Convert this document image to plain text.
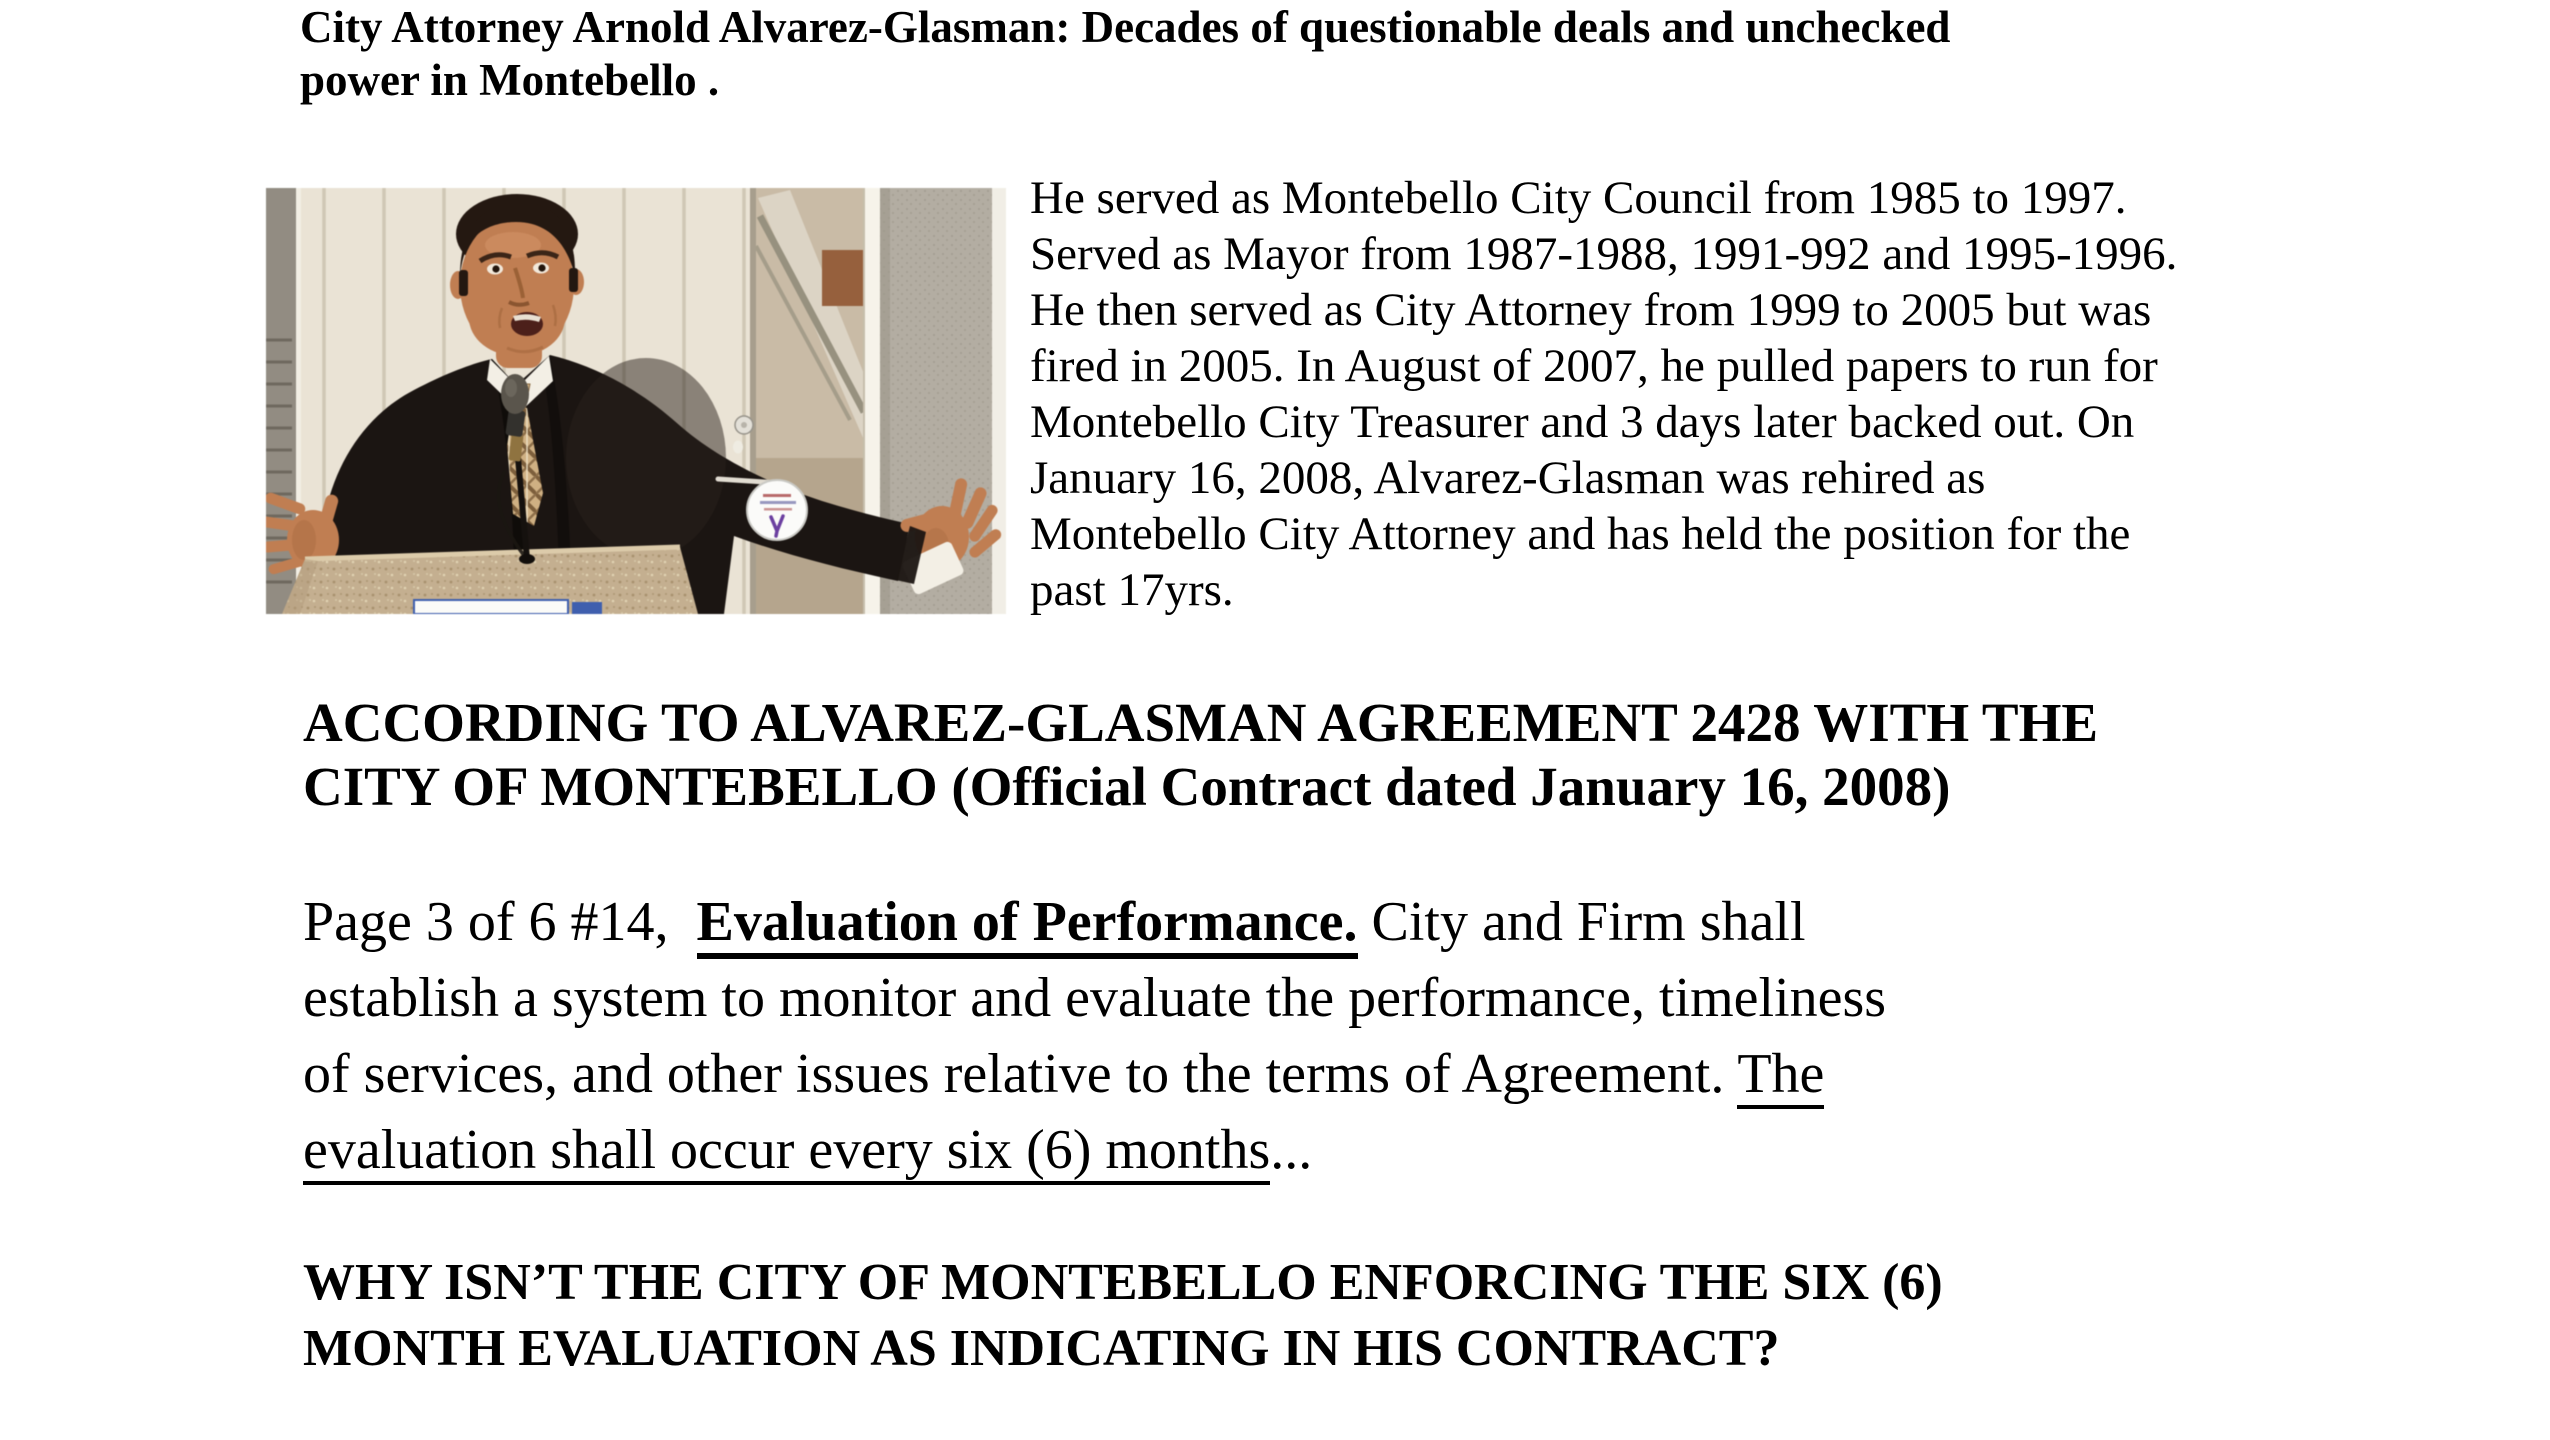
City Attorney Arnold Alvarez-Glasman: Decades of questionable deals and unchecked
power in Montebello .
He served as Montebello City Council from 1985 to 1997.
Served as Mayor from 1987-1988, 1991-992 and 1995-1996.
He then served as City Attorney from 1999 to 2005 but was
fired in 2005. In August of 2007, he pulled papers to run for
Montebello City Treasurer and 3 days later backed out. On
January 16, 2008, Alvarez-Glasman was rehired as
Montebello City Attorney and has held the position for the
past 17yrs.
ACCORDING TO ALVAREZ-GLASMAN AGREEMENT 2428 WITH THE
CITY OF MONTEBELLO (Official Contract dated January 16, 2008)
Page 3 of 6 #14,  Evaluation of Performance. City and Firm shall
establish a system to monitor and evaluate the performance, timeliness
of services, and other issues relative to the terms of Agreement. The
evaluation shall occur every six (6) months...
WHY ISN’T THE CITY OF MONTEBELLO ENFORCING THE SIX (6)
MONTH EVALUATION AS INDICATING IN HIS CONTRACT?
